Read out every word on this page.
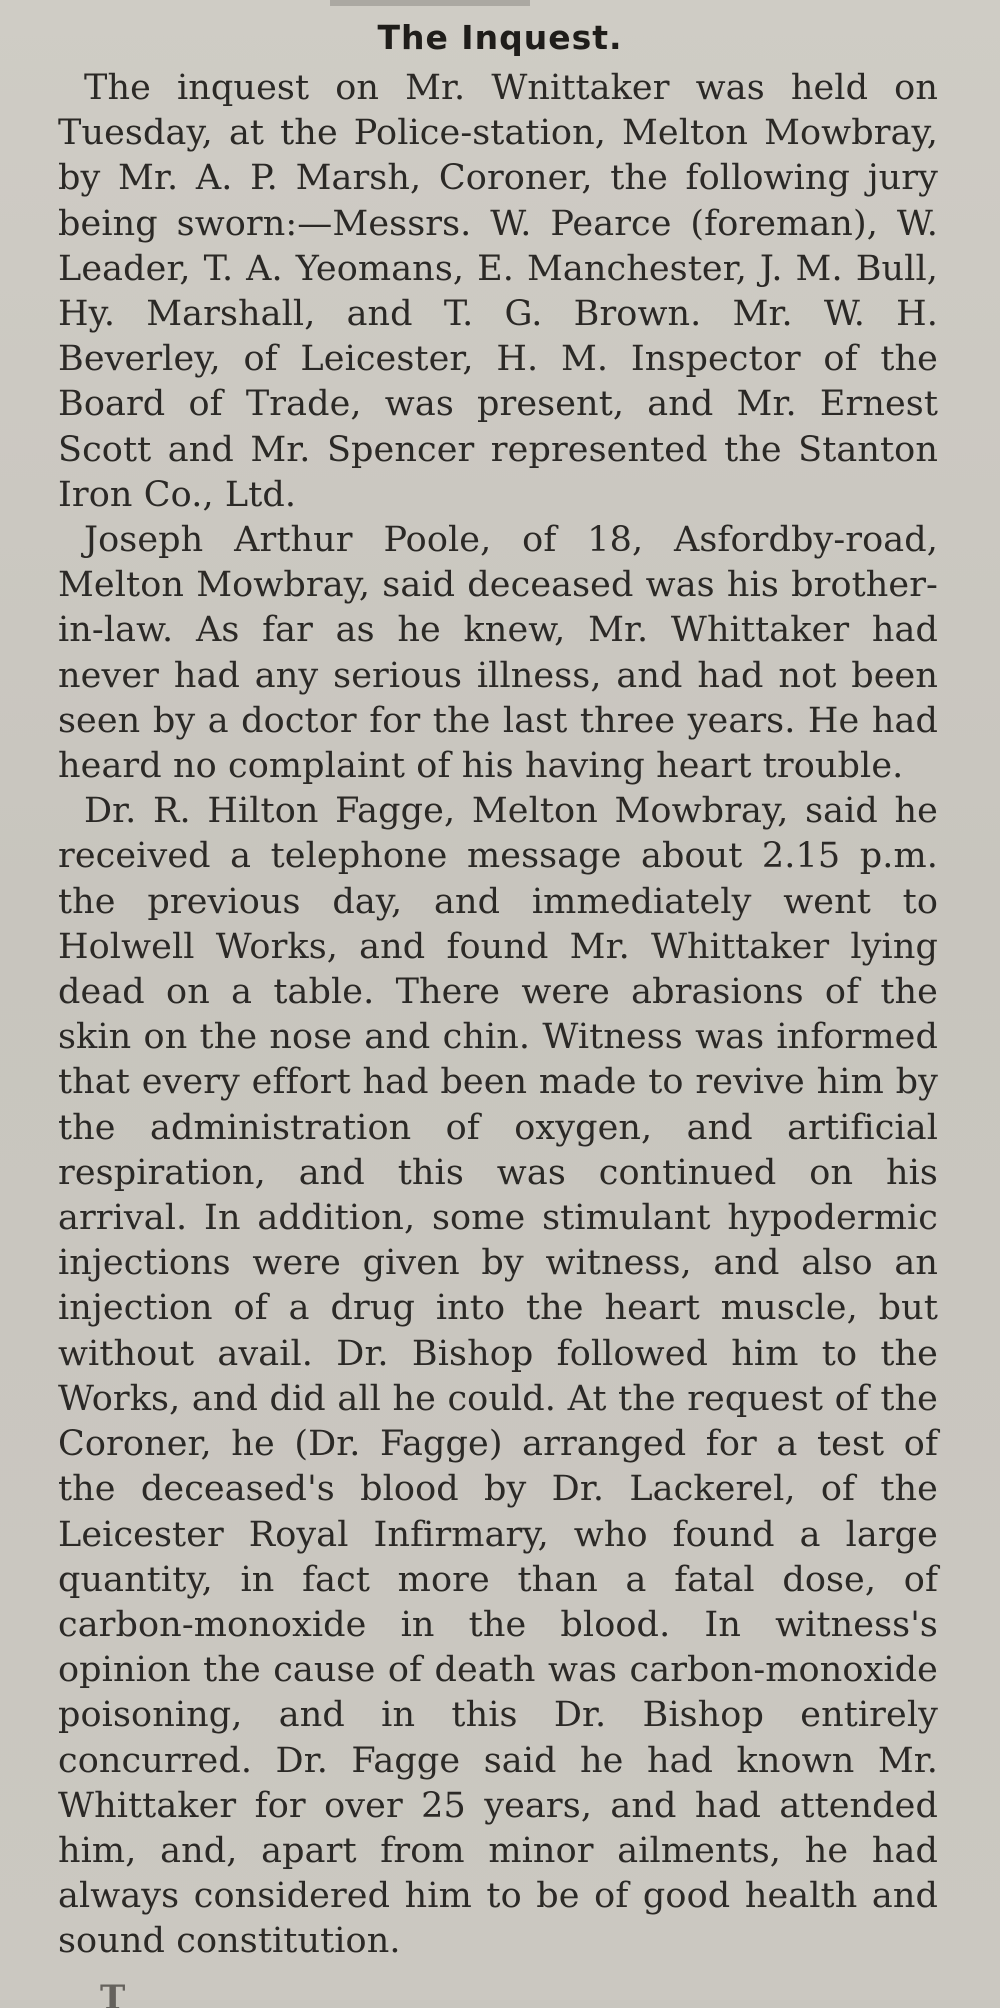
The Inquest.

The inquest on Mr. Wnittaker was held on Tuesday, at the Police-station, Melton Mowbray, by Mr. A. P. Marsh, Coroner, the following jury being sworn:—Messrs. W. Pearce (foreman), W. Leader, T. A. Yeomans, E. Manchester, J. M. Bull, Hy. Marshall, and T. G. Brown. Mr. W. H. Beverley, of Leicester, H. M. Inspector of the Board of Trade, was present, and Mr. Ernest Scott and Mr. Spencer represented the Stanton Iron Co., Ltd.

Joseph Arthur Poole, of 18, Asfordby-road, Melton Mowbray, said deceased was his brother-in-law. As far as he knew, Mr. Whittaker had never had any serious illness, and had not been seen by a doctor for the last three years. He had heard no complaint of his having heart trouble.

Dr. R. Hilton Fagge, Melton Mowbray, said he received a telephone message about 2.15 p.m. the previous day, and immediately went to Holwell Works, and found Mr. Whittaker lying dead on a table. There were abrasions of the skin on the nose and chin. Witness was informed that every effort had been made to revive him by the administration of oxygen, and artificial respiration, and this was continued on his arrival. In addition, some stimulant hypodermic injections were given by witness, and also an injection of a drug into the heart muscle, but without avail. Dr. Bishop followed him to the Works, and did all he could. At the request of the Coroner, he (Dr. Fagge) arranged for a test of the deceased's blood by Dr. Lackerel, of the Leicester Royal Infirmary, who found a large quantity, in fact more than a fatal dose, of carbon-monoxide in the blood. In witness's opinion the cause of death was carbon-monoxide poisoning, and in this Dr. Bishop entirely concurred. Dr. Fagge said he had known Mr. Whittaker for over 25 years, and had attended him, and, apart from minor ailments, he had always considered him to be of good health and sound constitution.

T
